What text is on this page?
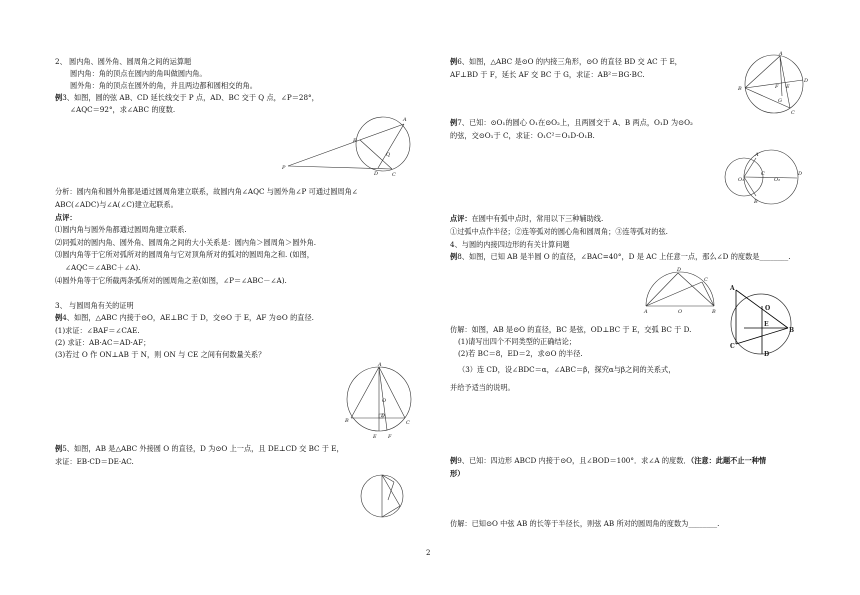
2、 圆内角、圆外角、圆周角之间的运算题
圆内角：角的顶点在圆内的角叫做圆内角。
圆外角：角的顶点在圆外的角，并且两边都和圆相交的角。
例3、如图，圆的弦 AB、CD 延长线交于 P 点，AD、BC 交于 Q 点，∠P＝28°，
∠AQC＝92°，求∠ABC 的度数.
A
B
C
D
P
Q
分析：圆内角和圆外角都是通过圆周角建立联系，故圆内角∠AQC 与圆外角∠P 可通过圆周角∠
ABC(∠ADC)与∠A(∠C)建立起联系。
点评：
⑴圆内角与圆外角都通过圆周角建立联系.
⑵同弧对的圆内角、圆外角、圆周角之间的大小关系是：圆内角＞圆周角＞圆外角.
⑶圆内角等于它所对弧所对的圆周角与它对顶角所对的弧对的圆周角之和. (如图，
∠AQC＝∠ABC＋∠A).
⑷圆外角等于它所截两条弧所对的圆周角之差(如图，∠P＝∠ABC－∠A).
3、 与圆周角有关的证明
例4、如图，△ABC 内接于⊙O，AE⊥BC 于 D，交⊙O 于 E，AF 为⊙O 的直径.
(1)求证：∠BAF＝∠CAE.
(2) 求证：AB·AC＝AD·AF；
(3)若过 O 作 ON⊥AB 于 N，则 ON 与 CE 之间有何数量关系？
A
B	C
D
E F
O
例5、如图，AB 是△ABC 外接圆 O 的直径，D 为⊙O 上一点，且 DE⊥CD 交 BC 于 E，
求证：EB·CD＝DE·AC.
例6、如图，△ABC 是⊙O 的内接三角形，⊙O 的直径 BD 交 AC 于 E，
AF⊥BD 于 F，延长 AF 交 BC 于 G，求证：AB²＝BG·BC.
A
B
C
D
E
F
G
例7、已知：⊙O₁的圆心 O₁在⊙O₂上，且两圆交于 A、B 两点，O₁D 为⊙O₂
的弦，交⊙O₁于 C，求证：O₁C²＝O₁D·O₁B.
O₁	O₂
A
B
C	D
点评：在圆中有弧中点时，常用以下三种辅助线.
①过弧中点作半径；②连等弧对的圆心角和圆周角；③连等弧对的弦.
4、与圆的内接四边形的有关计算问题
例8、如图，已知 AB 是半圆 O 的直径，∠BAC=40°，D 是 AC 上任意一点，那么∠D 的度数是________.
A	B
C
D
O
A
B
C
D
E
O
仿解：如图，AB 是⊙O 的直径，BC 是弦，OD⊥BC 于 E，交弧 BC 于 D.
(1)请写出四个不同类型的正确结论；
(2)若 BC＝8，ED＝2，求⊙O 的半径.
（3）连 CD，设∠BDC＝α，∠ABC＝β，探究α与β之间的关系式，
并给予适当的说明。
例9、已知：四边形 ABCD 内接于⊙O，且∠BOD＝100°．求∠A 的度数．（注意：此题不止一种情
形）
仿解：已知⊙O 中弦 AB 的长等于半径长，则弦 AB 所对的圆周角的度数为________.
2
